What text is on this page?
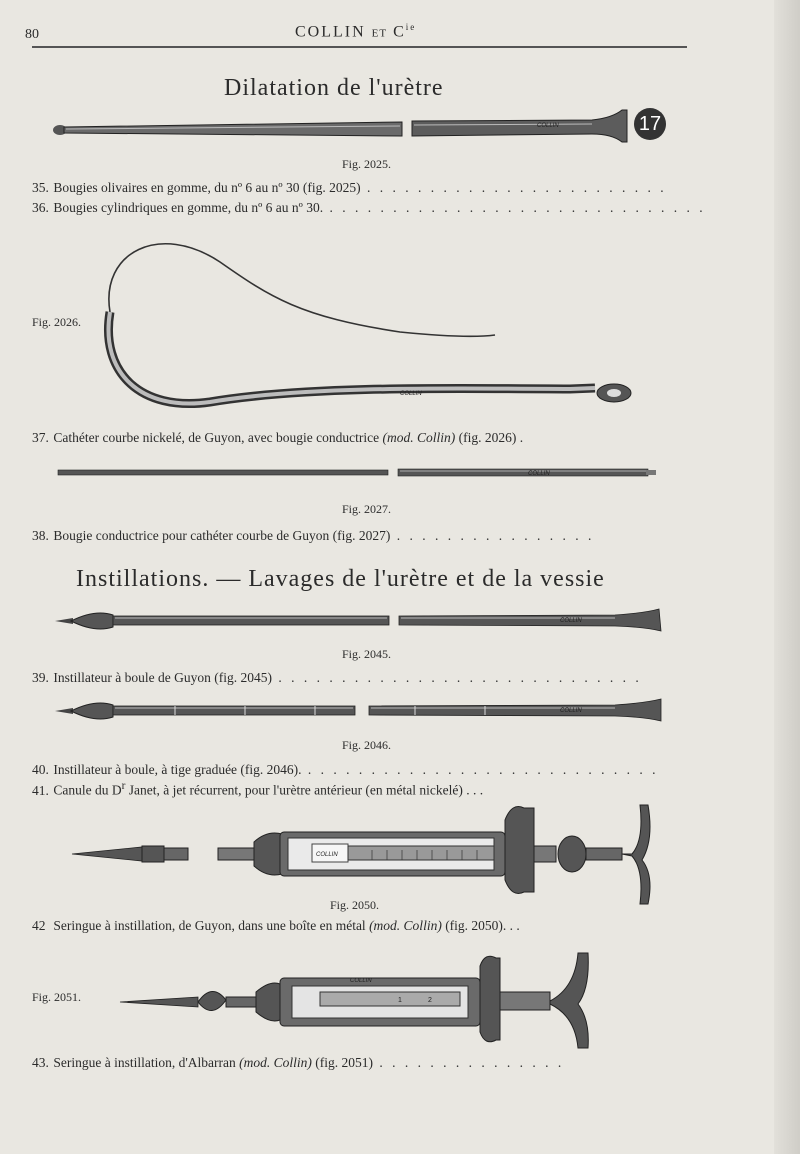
80	COLLIN ET $C^{ie}$
Dilatation de l'urètre
COLLIN	17
Fig. 2025.
35. Bougies olivaires en gomme, du nº 6 au nº 30 (fig. 2025) . . . . . . . . . . . . . . . . . . . . . . . .
36. Bougies cylindriques en gomme, du nº 6 au nº 30. . . . . . . . . . . . . . . . . . . . . . . . . . . . . . .
Fig. 2026.
COLLIN
37. Cathéter courbe nickelé, de Guyon, avec bougie conductrice (mod. Collin) (fig. 2026) .
COLLIN
Fig. 2027.
38. Bougie conductrice pour cathéter courbe de Guyon (fig. 2027) . . . . . . . . . . . . . . . .
Instillations. — Lavages de l'urètre et de la vessie
COLLIN
Fig. 2045.
39. Instillateur à boule de Guyon (fig. 2045) . . . . . . . . . . . . . . . . . . . . . . . . . . . . .
COLLIN
Fig. 2046.
40. Instillateur à boule, à tige graduée (fig. 2046). . . . . . . . . . . . . . . . . . . . . . . . . . . . .
41. Canule du $D^r$ Janet, à jet récurrent, pour l'urètre antérieur (en métal nickelé) . . .
COLLIN
Fig. 2050.
42 Seringue à instillation, de Guyon, dans une boîte en métal (mod. Collin) (fig. 2050). . .
Fig. 2051.
COLLIN
1	2
43. Seringue à instillation, d'Albarran (mod. Collin) (fig. 2051) . . . . . . . . . . . . . . .
